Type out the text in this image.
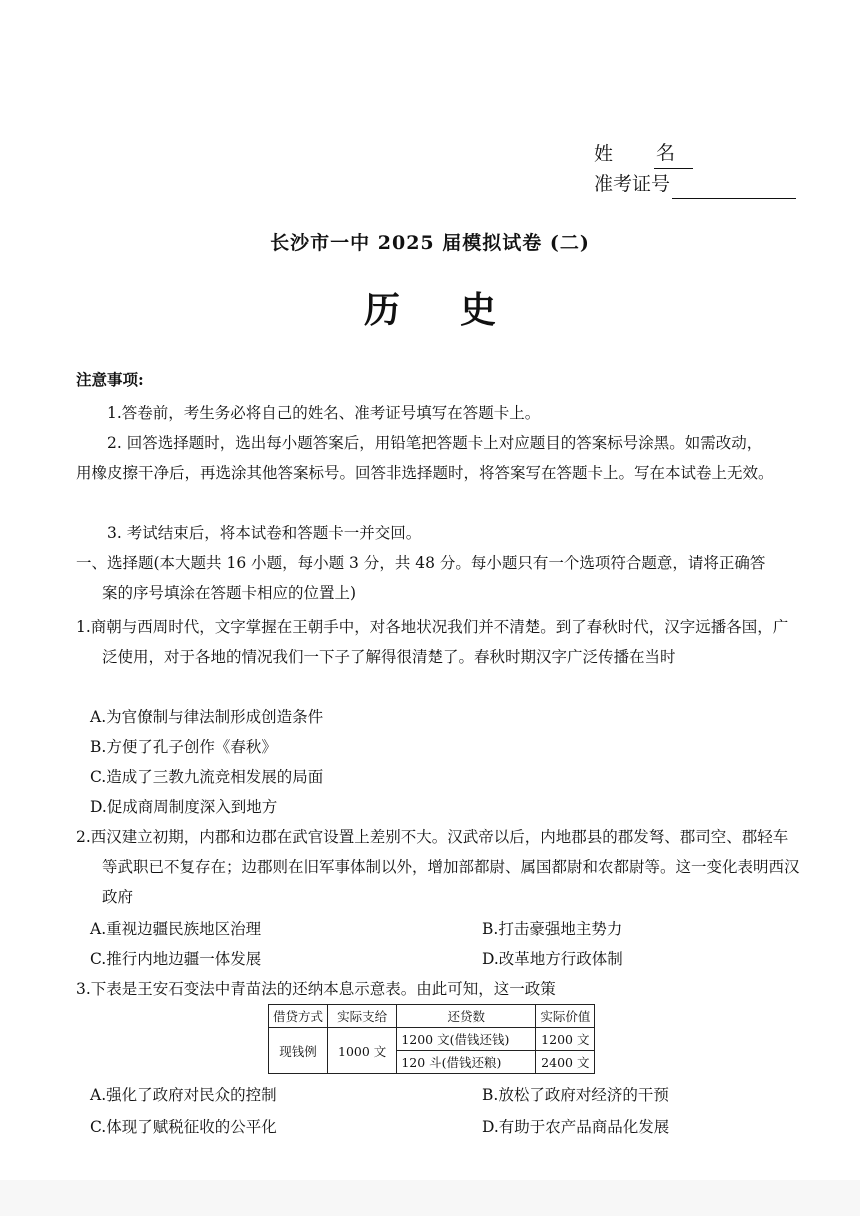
姓	名
准考证号
长沙市一中 2025 届模拟试卷 (二)
历史
注意事项:
1.答卷前，考生务必将自己的姓名、准考证号填写在答题卡上。
2. 回答选择题时，选出每小题答案后，用铅笔把答题卡上对应题目的答案标号涂黑。如需改动，用橡皮擦干净后，再选涂其他答案标号。回答非选择题时，将答案写在答题卡上。写在本试卷上无效。
3. 考试结束后，将本试卷和答题卡一并交回。
一、选择题(本大题共 16 小题，每小题 3 分，共 48 分。每小题只有一个选项符合题意，请将正确答案的序号填涂在答题卡相应的位置上)
1.商朝与西周时代，文字掌握在王朝手中，对各地状况我们并不清楚。到了春秋时代，汉字远播各国，广泛使用，对于各地的情况我们一下子了解得很清楚了。春秋时期汉字广泛传播在当时
A.为官僚制与律法制形成创造条件
B.方便了孔子创作《春秋》
C.造成了三教九流竞相发展的局面
D.促成商周制度深入到地方
2.西汉建立初期，内郡和边郡在武官设置上差别不大。汉武帝以后，内地郡县的郡发弩、郡司空、郡轻车等武职已不复存在；边郡则在旧军事体制以外，增加部都尉、属国都尉和农都尉等。这一变化表明西汉政府
A.重视边疆民族地区治理	B.打击豪强地主势力
C.推行内地边疆一体发展	D.改革地方行政体制
3.下表是王安石变法中青苗法的还纳本息示意表。由此可知，这一政策
借贷方式	实际支给	还贷数	实际价值
现钱例	1000 文	1200 文(借钱还钱)	1200 文
		120 斗(借钱还粮)	2400 文
A.强化了政府对民众的控制	B.放松了政府对经济的干预
C.体现了赋税征收的公平化	D.有助于农产品商品化发展
